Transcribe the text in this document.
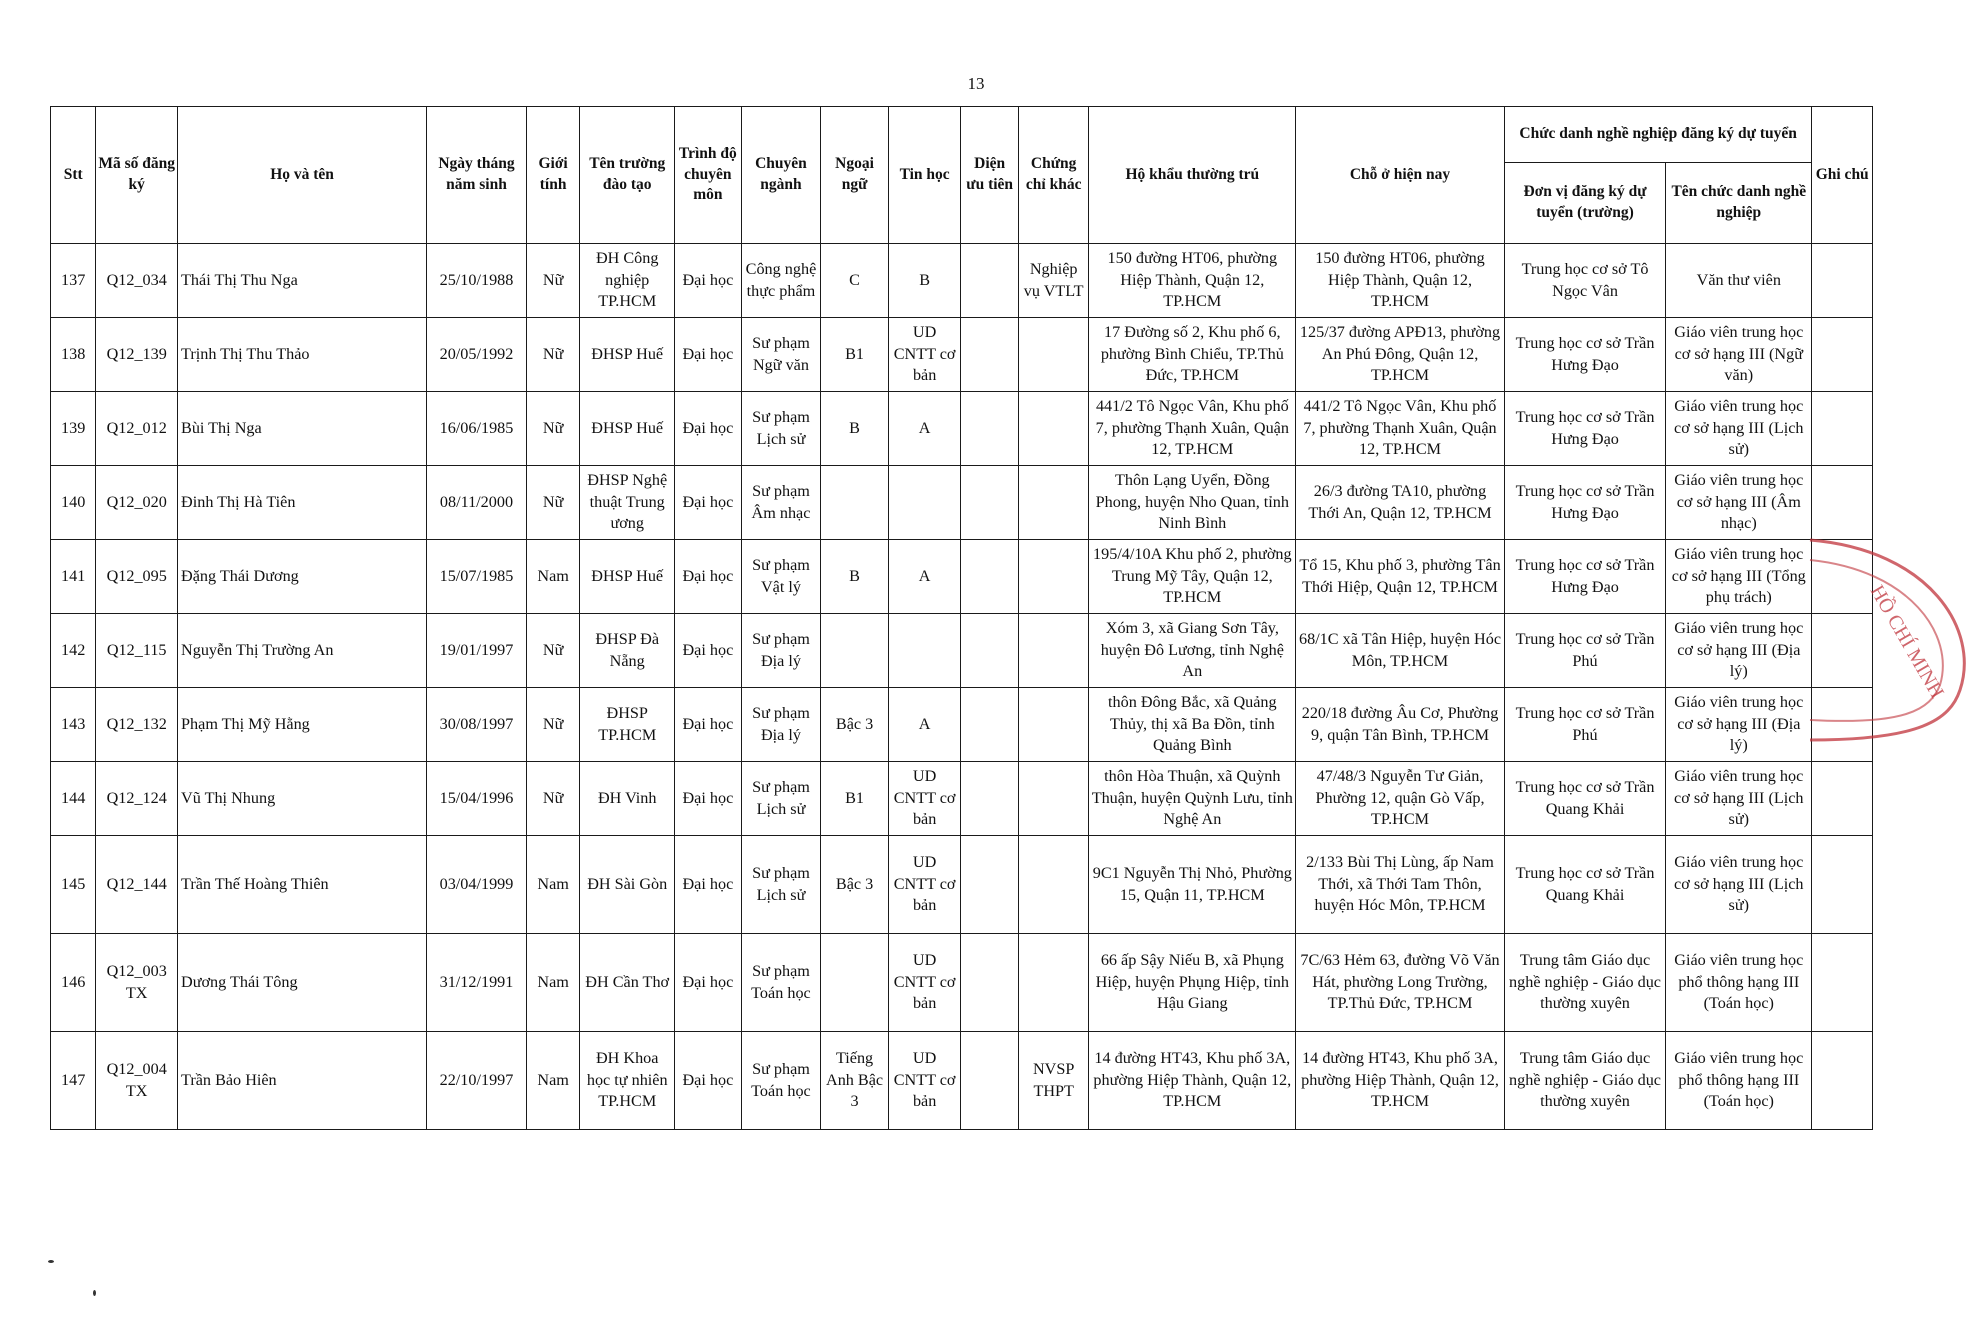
13
Stt	Mã số đăng ký	Họ và tên	Ngày tháng năm sinh	Giới tính	Tên trường đào tạo	Trình độ chuyên môn	Chuyên ngành	Ngoại ngữ	Tin học	Diện ưu tiên	Chứng chỉ khác	Hộ khẩu thường trú	Chỗ ở hiện nay	Chức danh nghề nghiệp đăng ký dự tuyển		Ghi chú
														Đơn vị đăng ký dự tuyển (trường)	Tên chức danh nghề nghiệp	
137	Q12_034	Thái Thị Thu Nga	25/10/1988	Nữ	ĐH Công nghiệp TP.HCM	Đại học	Công nghệ thực phẩm	C	B		Nghiệp vụ VTLT	150 đường HT06, phường Hiệp Thành, Quận 12, TP.HCM	150 đường HT06, phường Hiệp Thành, Quận 12, TP.HCM	Trung học cơ sở Tô Ngọc Vân	Văn thư viên	
138	Q12_139	Trịnh Thị Thu Thảo	20/05/1992	Nữ	ĐHSP Huế	Đại học	Sư phạm Ngữ văn	B1	UD CNTT cơ bản			17 Đường số 2, Khu phố 6, phường Bình Chiểu, TP.Thủ Đức, TP.HCM	125/37 đường APĐ13, phường An Phú Đông, Quận 12, TP.HCM	Trung học cơ sở Trần Hưng Đạo	Giáo viên trung học cơ sở hạng III (Ngữ văn)	
139	Q12_012	Bùi Thị Nga	16/06/1985	Nữ	ĐHSP Huế	Đại học	Sư phạm Lịch sử	B	A			441/2 Tô Ngọc Vân, Khu phố 7, phường Thạnh Xuân, Quận 12, TP.HCM	441/2 Tô Ngọc Vân, Khu phố 7, phường Thạnh Xuân, Quận 12, TP.HCM	Trung học cơ sở Trần Hưng Đạo	Giáo viên trung học cơ sở hạng III (Lịch sử)	
140	Q12_020	Đinh Thị Hà Tiên	08/11/2000	Nữ	ĐHSP Nghệ thuật Trung ương	Đại học	Sư phạm Âm nhạc					Thôn Lạng Uyển, Đồng Phong, huyện Nho Quan, tỉnh Ninh Bình	26/3 đường TA10, phường Thới An, Quận 12, TP.HCM	Trung học cơ sở Trần Hưng Đạo	Giáo viên trung học cơ sở hạng III (Âm nhạc)	
141	Q12_095	Đặng Thái Dương	15/07/1985	Nam	ĐHSP Huế	Đại học	Sư phạm Vật lý	B	A			195/4/10A Khu phố 2, phường Trung Mỹ Tây, Quận 12, TP.HCM	Tổ 15, Khu phố 3, phường Tân Thới Hiệp, Quận 12, TP.HCM	Trung học cơ sở Trần Hưng Đạo	Giáo viên trung học cơ sở hạng III (Tổng phụ trách)	
142	Q12_115	Nguyễn Thị Trường An	19/01/1997	Nữ	ĐHSP Đà Nẵng	Đại học	Sư phạm Địa lý					Xóm 3, xã Giang Sơn Tây, huyện Đô Lương, tỉnh Nghệ An	68/1C xã Tân Hiệp, huyện Hóc Môn, TP.HCM	Trung học cơ sở Trần Phú	Giáo viên trung học cơ sở hạng III (Địa lý)	
143	Q12_132	Phạm Thị Mỹ Hằng	30/08/1997	Nữ	ĐHSP TP.HCM	Đại học	Sư phạm Địa lý	Bậc 3	A			thôn Đông Bắc, xã Quảng Thủy, thị xã Ba Đồn, tỉnh Quảng Bình	220/18 đường Âu Cơ, Phường 9, quận Tân Bình, TP.HCM	Trung học cơ sở Trần Phú	Giáo viên trung học cơ sở hạng III (Địa lý)	
144	Q12_124	Vũ Thị Nhung	15/04/1996	Nữ	ĐH Vinh	Đại học	Sư phạm Lịch sử	B1	UD CNTT cơ bản			thôn Hòa Thuận, xã Quỳnh Thuận, huyện Quỳnh Lưu, tỉnh Nghệ An	47/48/3 Nguyễn Tư Giản, Phường 12, quận Gò Vấp, TP.HCM	Trung học cơ sở Trần Quang Khải	Giáo viên trung học cơ sở hạng III (Lịch sử)	
145	Q12_144	Trần Thế Hoàng Thiên	03/04/1999	Nam	ĐH Sài Gòn	Đại học	Sư phạm Lịch sử	Bậc 3	UD CNTT cơ bản			9C1 Nguyễn Thị Nhỏ, Phường 15, Quận 11, TP.HCM	2/133 Bùi Thị Lùng, ấp Nam Thới, xã Thới Tam Thôn, huyện Hóc Môn, TP.HCM	Trung học cơ sở Trần Quang Khải	Giáo viên trung học cơ sở hạng III (Lịch sử)	
146	Q12_003 TX	Dương Thái Tông	31/12/1991	Nam	ĐH Cần Thơ	Đại học	Sư phạm Toán học		UD CNTT cơ bản			66 ấp Sậy Niếu B, xã Phụng Hiệp, huyện Phụng Hiệp, tỉnh Hậu Giang	7C/63 Hẻm 63, đường Võ Văn Hát, phường Long Trường, TP.Thủ Đức, TP.HCM	Trung tâm Giáo dục nghề nghiệp - Giáo dục thường xuyên	Giáo viên trung học phổ thông hạng III (Toán học)	
147	Q12_004 TX	Trần Bảo Hiên	22/10/1997	Nam	ĐH Khoa học tự nhiên TP.HCM	Đại học	Sư phạm Toán học	Tiếng Anh Bậc 3	UD CNTT cơ bản		NVSP THPT	14 đường HT43, Khu phố 3A, phường Hiệp Thành, Quận 12, TP.HCM	14 đường HT43, Khu phố 3A, phường Hiệp Thành, Quận 12, TP.HCM	Trung tâm Giáo dục nghề nghiệp - Giáo dục thường xuyên	Giáo viên trung học phổ thông hạng III (Toán học)	
HỒ CHÍ MINH
